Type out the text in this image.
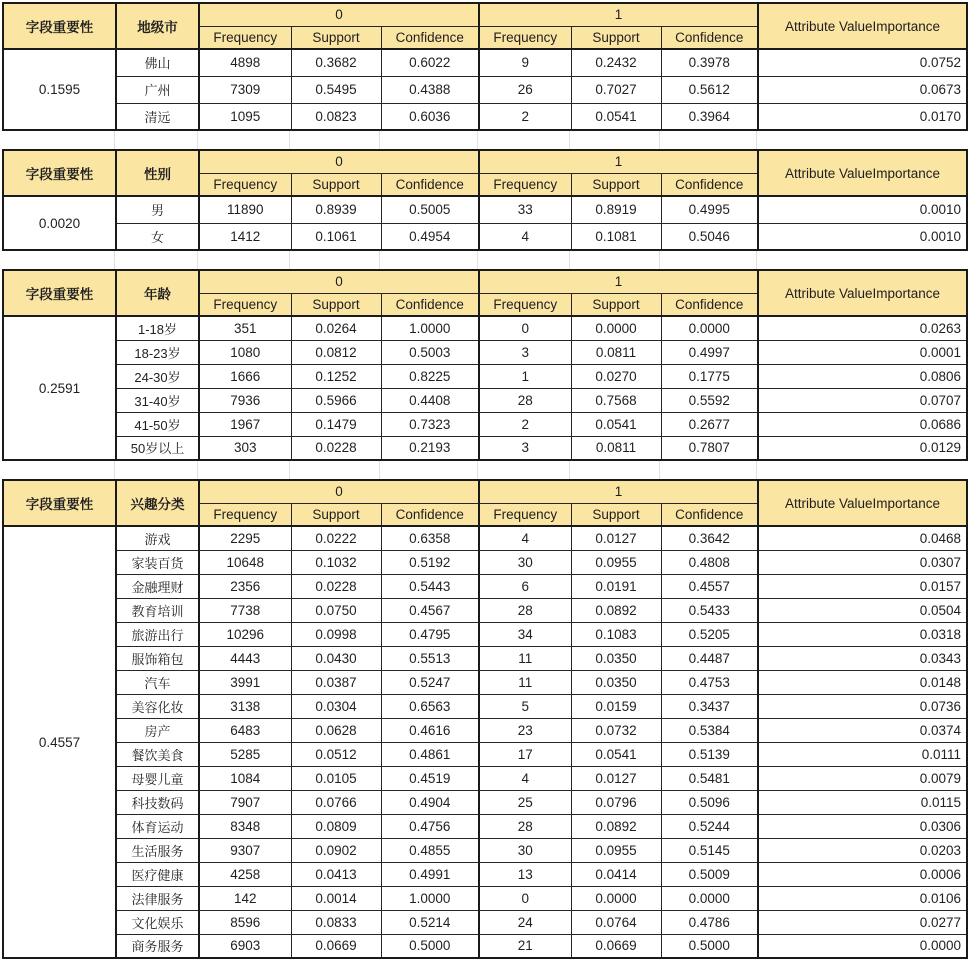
字段重要性	地级市	0			1			Attribute ValueImportance
		Frequency	Support	Confidence	Frequency	Support	Confidence	
0.1595	佛山	4898	0.3682	0.6022	9	0.2432	0.3978	0.0752
	广州	7309	0.5495	0.4388	26	0.7027	0.5612	0.0673
	清远	1095	0.0823	0.6036	2	0.0541	0.3964	0.0170
字段重要性	性别	0			1			Attribute ValueImportance
		Frequency	Support	Confidence	Frequency	Support	Confidence	
0.0020	男	11890	0.8939	0.5005	33	0.8919	0.4995	0.0010
	女	1412	0.1061	0.4954	4	0.1081	0.5046	0.0010
字段重要性	年龄	0			1			Attribute ValueImportance
		Frequency	Support	Confidence	Frequency	Support	Confidence	
0.2591	1-18岁	351	0.0264	1.0000	0	0.0000	0.0000	0.0263
	18-23岁	1080	0.0812	0.5003	3	0.0811	0.4997	0.0001
	24-30岁	1666	0.1252	0.8225	1	0.0270	0.1775	0.0806
	31-40岁	7936	0.5966	0.4408	28	0.7568	0.5592	0.0707
	41-50岁	1967	0.1479	0.7323	2	0.0541	0.2677	0.0686
	50岁以上	303	0.0228	0.2193	3	0.0811	0.7807	0.0129
字段重要性	兴趣分类	0			1			Attribute ValueImportance
		Frequency	Support	Confidence	Frequency	Support	Confidence	
0.4557	游戏	2295	0.0222	0.6358	4	0.0127	0.3642	0.0468
	家装百货	10648	0.1032	0.5192	30	0.0955	0.4808	0.0307
	金融理财	2356	0.0228	0.5443	6	0.0191	0.4557	0.0157
	教育培训	7738	0.0750	0.4567	28	0.0892	0.5433	0.0504
	旅游出行	10296	0.0998	0.4795	34	0.1083	0.5205	0.0318
	服饰箱包	4443	0.0430	0.5513	11	0.0350	0.4487	0.0343
	汽车	3991	0.0387	0.5247	11	0.0350	0.4753	0.0148
	美容化妆	3138	0.0304	0.6563	5	0.0159	0.3437	0.0736
	房产	6483	0.0628	0.4616	23	0.0732	0.5384	0.0374
	餐饮美食	5285	0.0512	0.4861	17	0.0541	0.5139	0.0111
	母婴儿童	1084	0.0105	0.4519	4	0.0127	0.5481	0.0079
	科技数码	7907	0.0766	0.4904	25	0.0796	0.5096	0.0115
	体育运动	8348	0.0809	0.4756	28	0.0892	0.5244	0.0306
	生活服务	9307	0.0902	0.4855	30	0.0955	0.5145	0.0203
	医疗健康	4258	0.0413	0.4991	13	0.0414	0.5009	0.0006
	法律服务	142	0.0014	1.0000	0	0.0000	0.0000	0.0106
	文化娱乐	8596	0.0833	0.5214	24	0.0764	0.4786	0.0277
	商务服务	6903	0.0669	0.5000	21	0.0669	0.5000	0.0000
